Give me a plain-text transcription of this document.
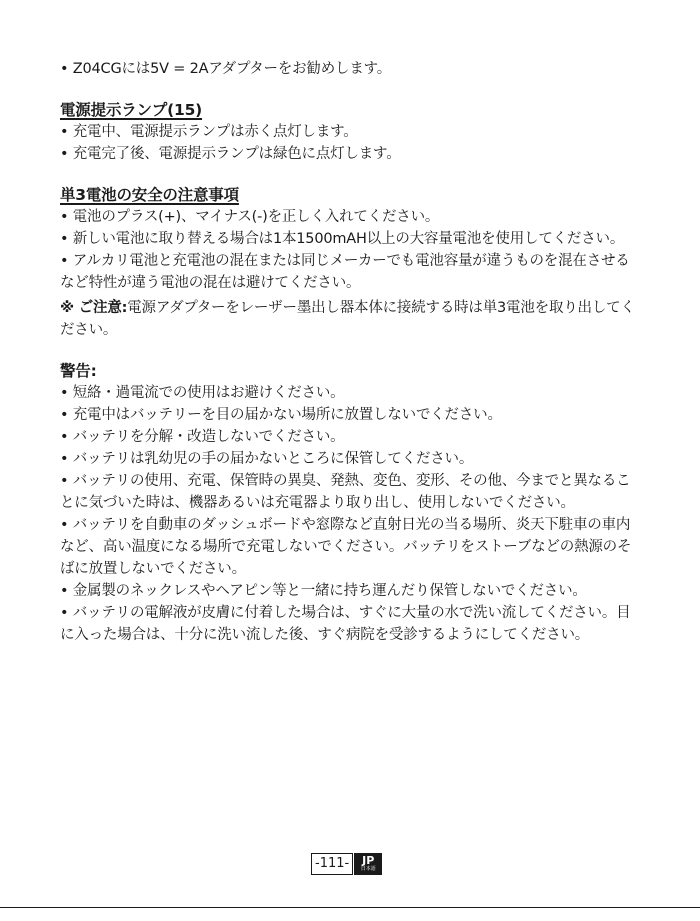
• Z04CGには5V = 2Aアダプターをお勧めします。

電源提示ランプ(15)

• 充電中、電源提示ランプは赤く点灯します。

• 充電完了後、電源提示ランプは緑色に点灯します。

単3電池の安全の注意事項

• 電池のプラス(+)、マイナス(-)を正しく入れてください。

• 新しい電池に取り替える場合は1本1500mAH以上の大容量電池を使用してください。

• アルカリ電池と充電池の混在または同じメーカーでも電池容量が違うものを混在させるなど特性が違う電池の混在は避けてください。

※ ご注意:電源アダプターをレーザー墨出し器本体に接続する時は単3電池を取り出してください。

警告:

• 短絡・過電流での使用はお避けください。

• 充電中はバッテリーを目の届かない場所に放置しないでください。

• バッテリを分解・改造しないでください。

• バッテリは乳幼児の手の届かないところに保管してください。

• バッテリの使用、充電、保管時の異臭、発熱、変色、変形、その他、今までと異なることに気づいた時は、機器あるいは充電器より取り出し、使用しないでください。

• バッテリを自動車のダッシュボードや窓際など直射日光の当る場所、炎天下駐車の車内など、高い温度になる場所で充電しないでください。バッテリをストーブなどの熱源のそばに放置しないでください。

• 金属製のネックレスやヘアピン等と一緒に持ち運んだり保管しないでください。

• バッテリの電解液が皮膚に付着した場合は、すぐに大量の水で洗い流してください。目に入った場合は、十分に洗い流した後、すぐ病院を受診するようにしてください。

-111-	JP
日本語
